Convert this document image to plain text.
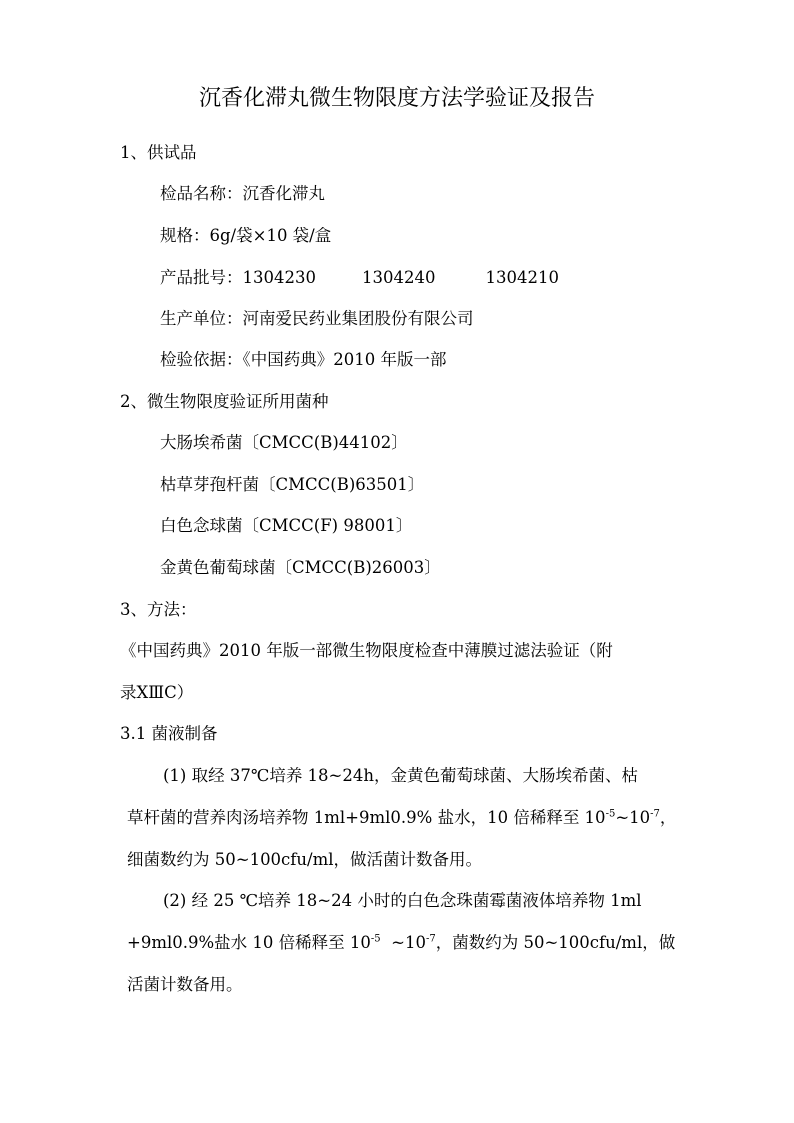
沉香化滞丸微生物限度方法学验证及报告
1、供试品
检品名称：沉香化滞丸
规格：6g/袋×10 袋/盒
产品批号：1304230	1304240	1304210
生产单位：河南爱民药业集团股份有限公司
检验依据：《中国药典》2010 年版一部
2、微生物限度验证所用菌种
大肠埃希菌〔CMCC(B)44102〕
枯草芽孢杆菌〔CMCC(B)63501〕
白色念球菌〔CMCC(F) 98001〕
金黄色葡萄球菌〔CMCC(B)26003〕
3、方法：
《中国药典》2010 年版一部微生物限度检查中薄膜过滤法验证（附
录ⅩⅢC）
3.1 菌液制备
(1) 取经 37℃培养 18~24h，金黄色葡萄球菌、大肠埃希菌、枯
草杆菌的营养肉汤培养物 1ml+9ml0.9% 盐水，10 倍稀释至 $10^{-5}\sim 10^{-7}$，
细菌数约为 50~100cfu/ml，做活菌计数备用。
(2) 经 25 ℃培养 18~24 小时的白色念珠菌霉菌液体培养物 1ml
+9ml0.9%盐水 10 倍稀释至 $10^{-5}$  $\sim 10^{-7}$，菌数约为 50~100cfu/ml，做
活菌计数备用。
